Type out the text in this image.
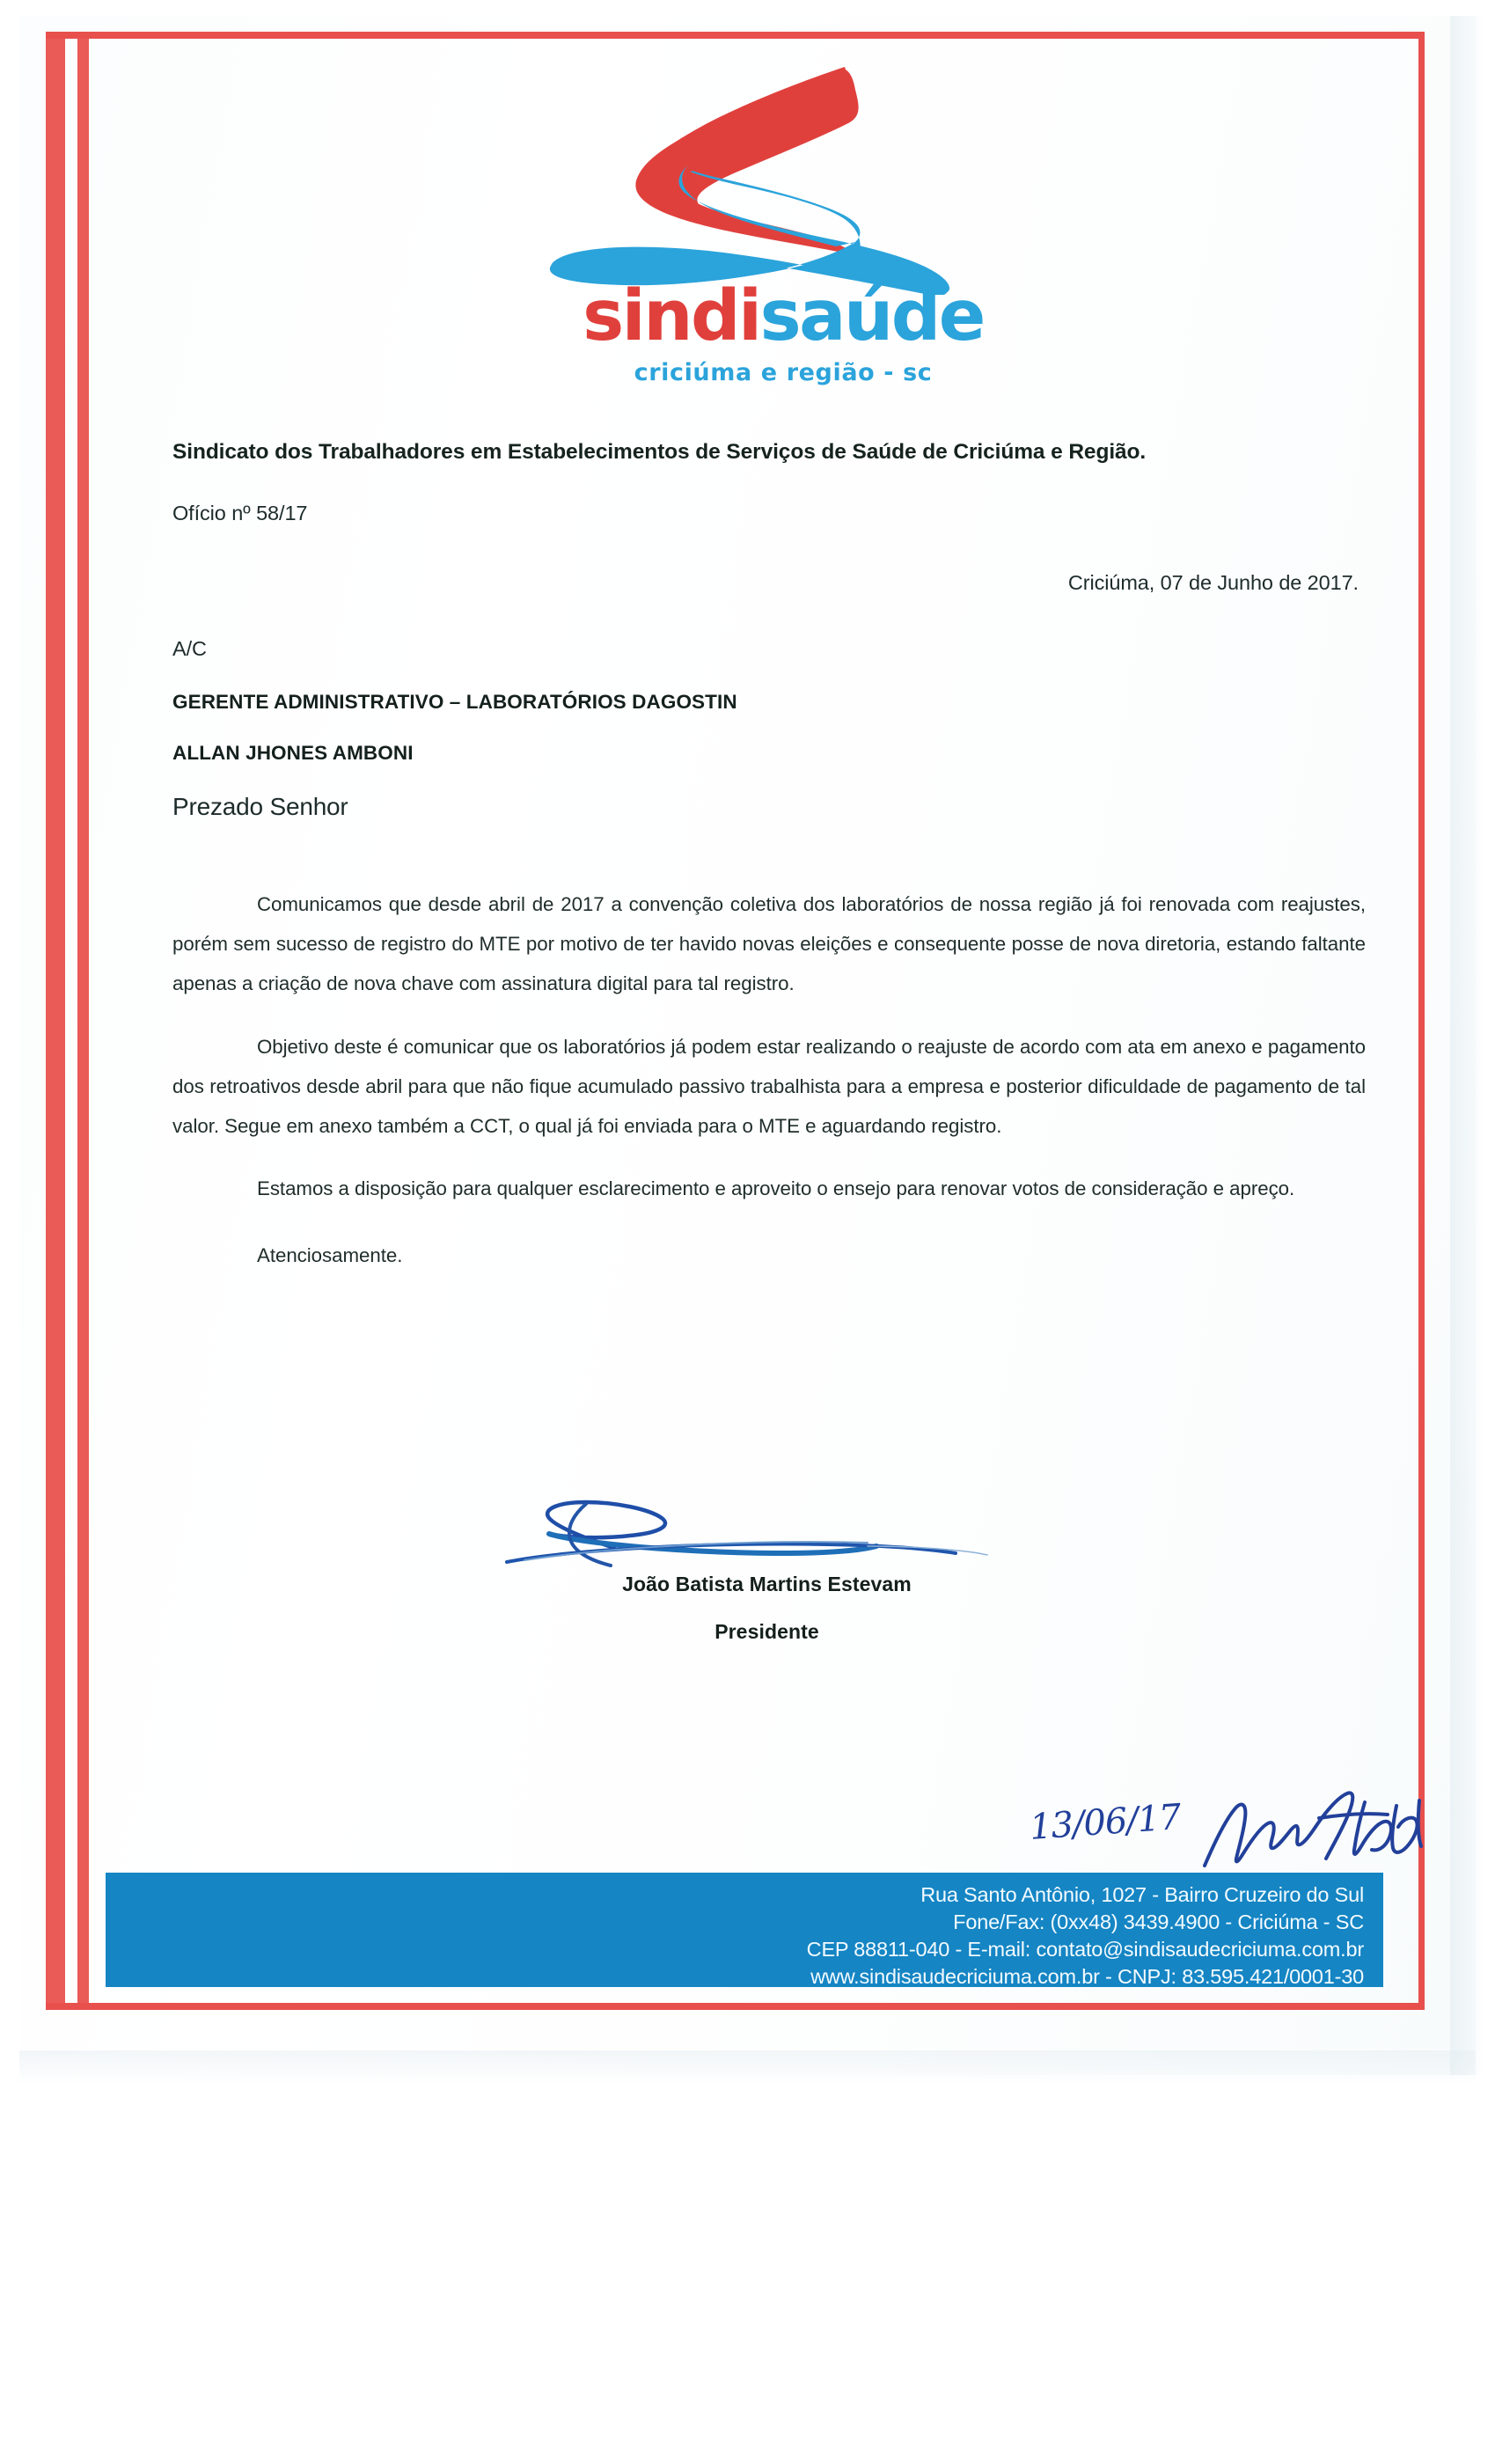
sindisaúde
criciúma e região - sc

Sindicato dos Trabalhadores em Estabelecimentos de Serviços de Saúde de Criciúma e Região.

Ofício nº 58/17

Criciúma, 07 de Junho de 2017.

A/C

GERENTE ADMINISTRATIVO – LABORATÓRIOS DAGOSTIN

ALLAN JHONES AMBONI

Prezado Senhor

Comunicamos que desde abril de 2017 a convenção coletiva dos laboratórios de nossa região já foi renovada com reajustes, porém sem sucesso de registro do MTE por motivo de ter havido novas eleições e consequente posse de nova diretoria, estando faltante apenas a criação de nova chave com assinatura digital para tal registro.

Objetivo deste é comunicar que os laboratórios já podem estar realizando o reajuste de acordo com ata em anexo e pagamento dos retroativos desde abril para que não fique acumulado passivo trabalhista para a empresa e posterior dificuldade de pagamento de tal valor. Segue em anexo também a CCT, o qual já foi enviada para o MTE e aguardando registro.

Estamos a disposição para qualquer esclarecimento e aproveito o ensejo para renovar votos de consideração e apreço.

Atenciosamente.

João Batista Martins Estevam
Presidente
13/06/17
Rua Santo Antônio, 1027 - Bairro Cruzeiro do Sul
Fone/Fax: (0xx48) 3439.4900 - Criciúma - SC
CEP 88811-040 - E-mail: contato@sindisaudecriciuma.com.br
www.sindisaudecriciuma.com.br - CNPJ: 83.595.421/0001-30
